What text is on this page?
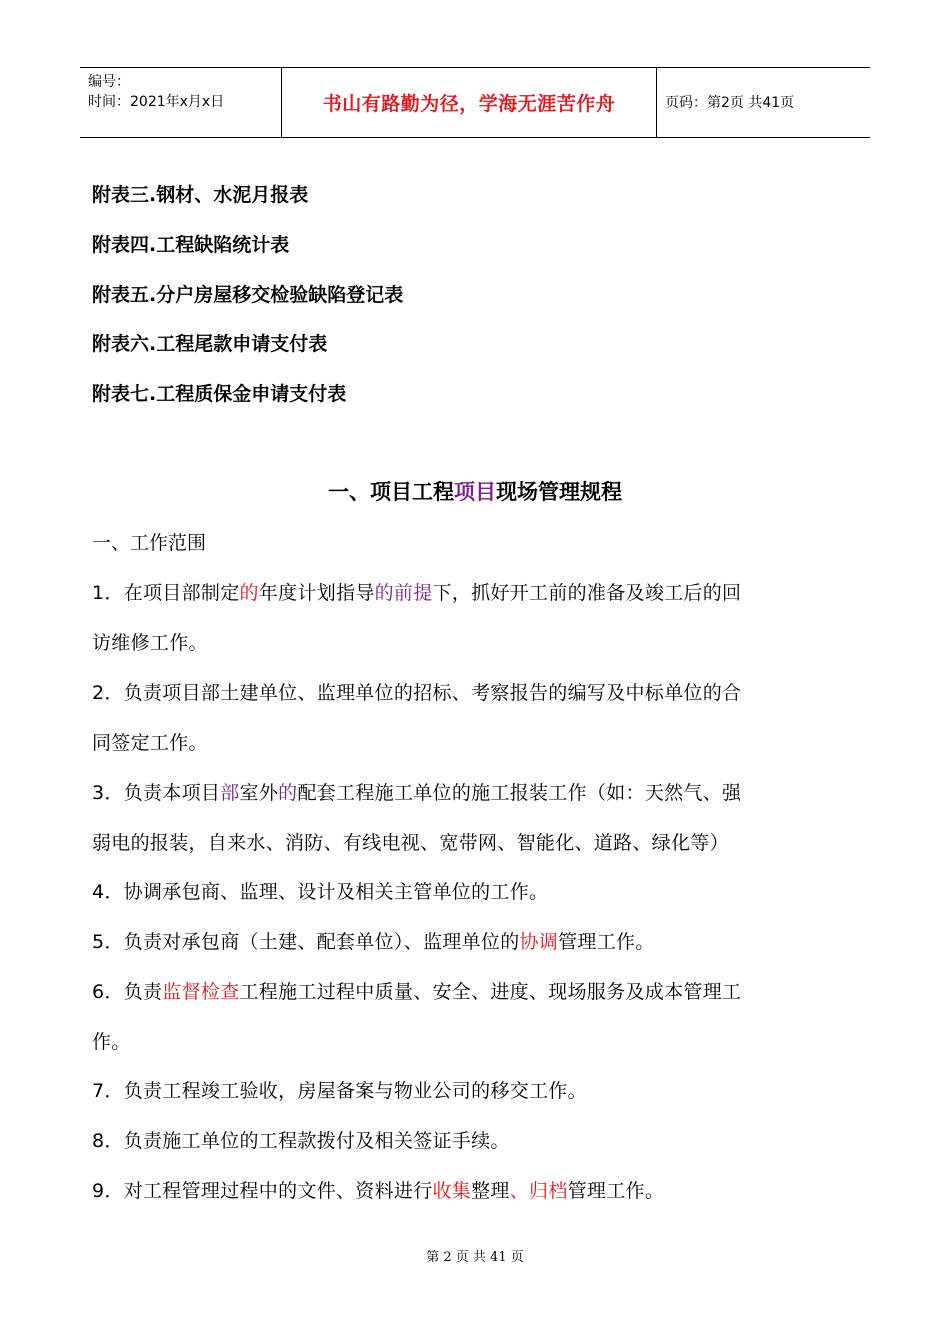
编号：
时间：2021年x月x日	书山有路勤为径，学海无涯苦作舟	页码：第2页 共41页
附表三.钢材、水泥月报表
附表四.工程缺陷统计表
附表五.分户房屋移交检验缺陷登记表
附表六.工程尾款申请支付表
附表七.工程质保金申请支付表
一、项目工程项目现场管理规程
一、工作范围
1．在项目部制定的年度计划指导的前提下，抓好开工前的准备及竣工后的回
访维修工作。
2．负责项目部土建单位、监理单位的招标、考察报告的编写及中标单位的合
同签定工作。
3．负责本项目部室外的配套工程施工单位的施工报装工作（如：天然气、强
弱电的报装，自来水、消防、有线电视、宽带网、智能化、道路、绿化等）
4．协调承包商、监理、设计及相关主管单位的工作。
5．负责对承包商（土建、配套单位）、监理单位的协调管理工作。
6．负责监督检查工程施工过程中质量、安全、进度、现场服务及成本管理工
作。
7．负责工程竣工验收，房屋备案与物业公司的移交工作。
8．负责施工单位的工程款拨付及相关签证手续。
9．对工程管理过程中的文件、资料进行收集整理、归档管理工作。
第 2 页 共 41 页
